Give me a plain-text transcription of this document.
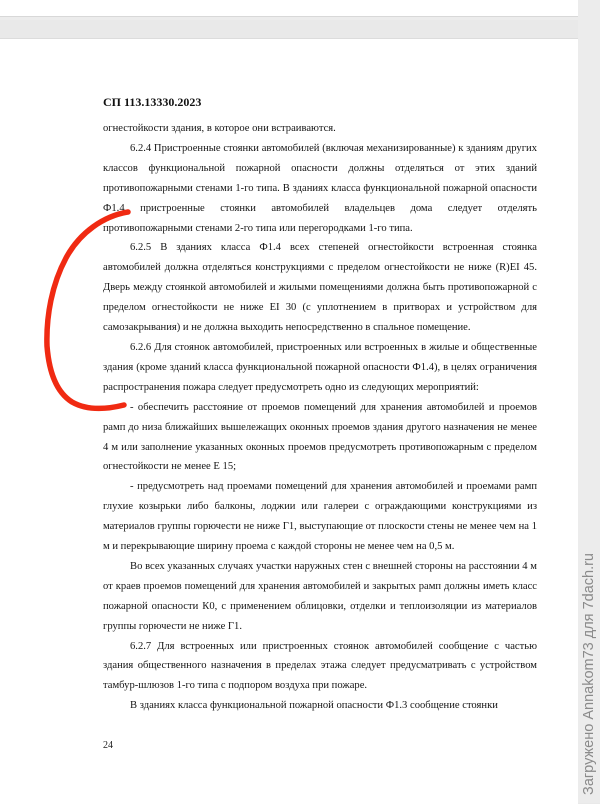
Загружено Annakom73 для 7dach.ru
СП 113.13330.2023

огнестойкости здания, в которое они встраиваются.

6.2.4 Пристроенные стоянки автомобилей (включая механизированные) к зданиям других классов функциональной пожарной опасности должны отделяться от этих зданий противопожарными стенами 1-го типа. В зданиях класса функциональной пожарной опасности Ф1.4 пристроенные стоянки автомобилей владельцев дома следует отделять противопожарными стенами 2-го типа или перегородками 1-го типа.

6.2.5 В зданиях класса Ф1.4 всех степеней огнестойкости встроенная стоянка автомобилей должна отделяться конструкциями с пределом огнестойкости не ниже (R)EI 45. Дверь между стоянкой автомобилей и жилыми помещениями должна быть противопожарной с пределом огнестойкости не ниже EI 30 (с уплотнением в притворах и устройством для самозакрывания) и не должна выходить непосредственно в спальное помещение.

6.2.6 Для стоянок автомобилей, пристроенных или встроенных в жилые и общественные здания (кроме зданий класса функциональной пожарной опасности Ф1.4), в целях ограничения распространения пожара следует предусмотреть одно из следующих мероприятий:

- обеспечить расстояние от проемов помещений для хранения автомобилей и проемов рамп до низа ближайших вышележащих оконных проемов здания другого назначения не менее 4 м или заполнение указанных оконных проемов предусмотреть противопожарным с пределом огнестойкости не менее Е 15;

- предусмотреть над проемами помещений для хранения автомобилей и проемами рамп глухие козырьки либо балконы, лоджии или галереи с ограждающими конструкциями из материалов группы горючести не ниже Г1, выступающие от плоскости стены не менее чем на 1 м и перекрывающие ширину проема с каждой стороны не менее чем на 0,5 м.

Во всех указанных случаях участки наружных стен с внешней стороны на расстоянии 4 м от краев проемов помещений для хранения автомобилей и закрытых рамп должны иметь класс пожарной опасности К0, с применением облицовки, отделки и теплоизоляции из материалов группы горючести не ниже Г1.

6.2.7 Для встроенных или пристроенных стоянок автомобилей сообщение с частью здания общественного назначения в пределах этажа следует предусматривать с устройством тамбур-шлюзов 1-го типа с подпором воздуха при пожаре.

В зданиях класса функциональной пожарной опасности Ф1.3 сообщение стоянки

24
